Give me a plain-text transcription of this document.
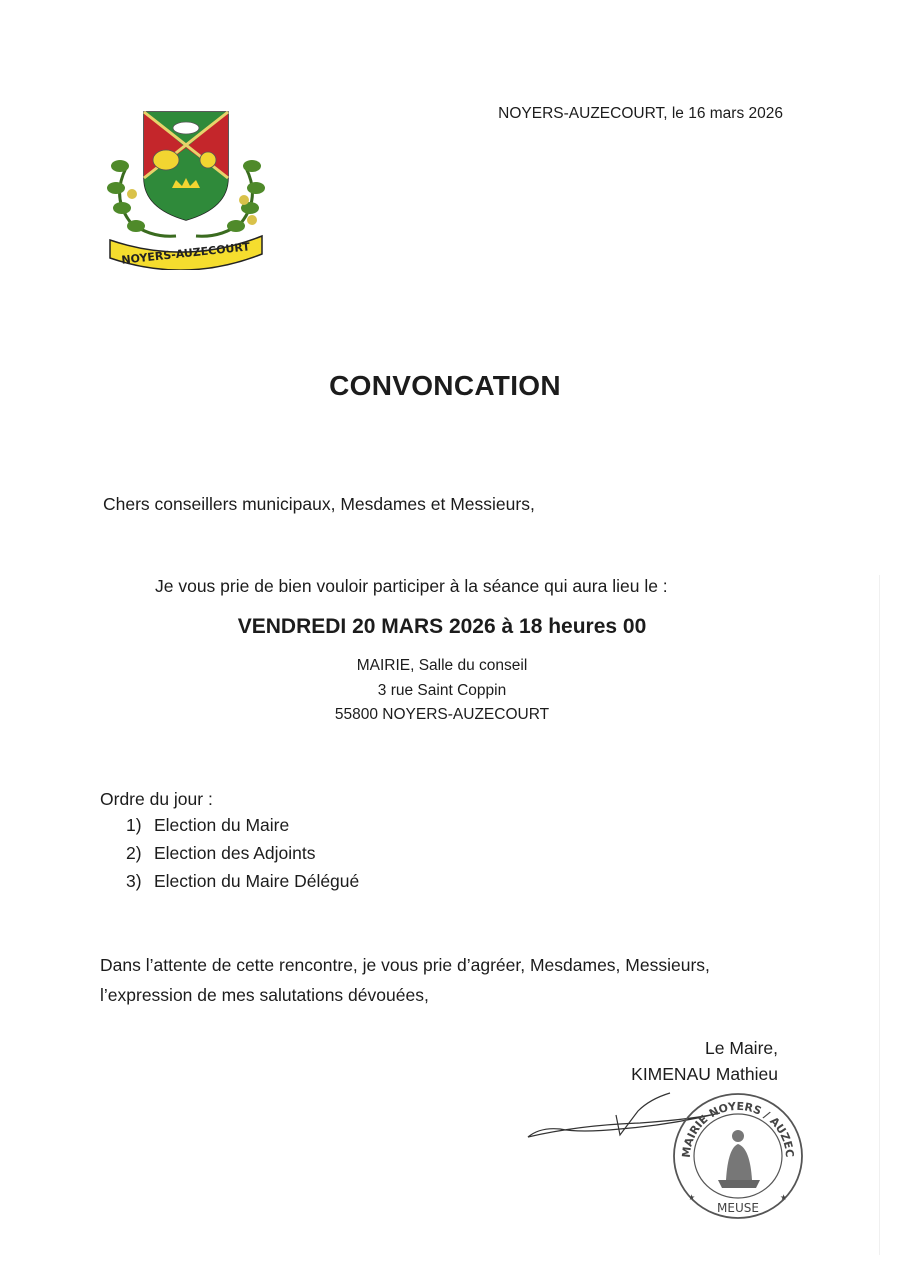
NOYERS-AUZECOURT
NOYERS-AUZECOURT, le 16 mars 2026
CONVONCATION
Chers conseillers municipaux, Mesdames et Messieurs,
Je vous prie de bien vouloir participer à la séance qui aura lieu le :
VENDREDI 20 MARS 2026 à 18 heures 00
MAIRIE, Salle du conseil
3 rue Saint Coppin
55800 NOYERS-AUZECOURT
Ordre du jour :
1) Election du Maire
2) Election des Adjoints
3) Election du Maire Délégué
Dans l’attente de cette rencontre, je vous prie d’agréer, Mesdames, Messieurs,
l’expression de mes salutations dévouées,
Le Maire,
KIMENAU Mathieu
MAIRIE NOYERS / AUZEC
MEUSE
★	★
